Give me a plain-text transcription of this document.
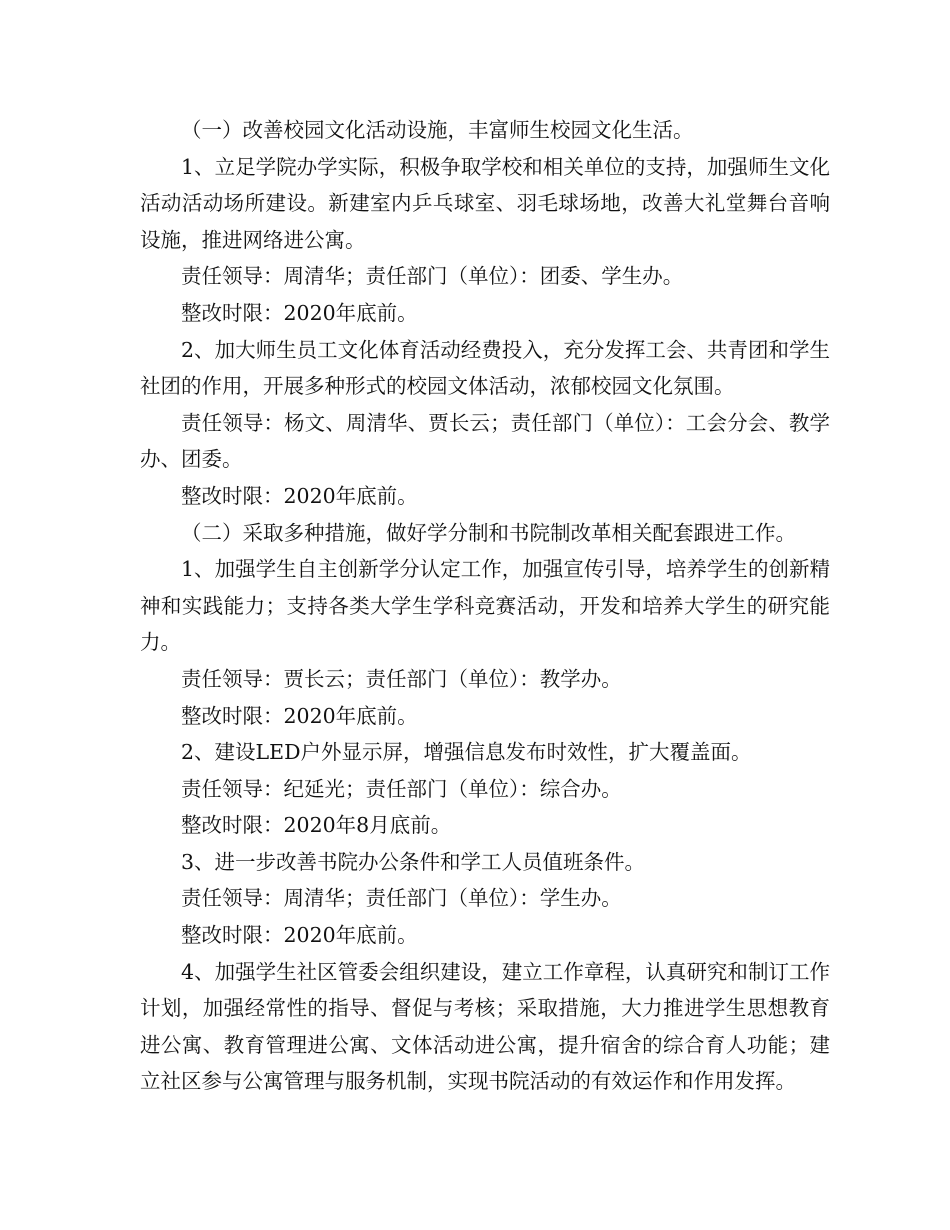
（一）改善校园文化活动设施，丰富师生校园文化生活。

1、立足学院办学实际，积极争取学校和相关单位的支持，加强师生文化活动活动场所建设。新建室内乒乓球室、羽毛球场地，改善大礼堂舞台音响设施，推进网络进公寓。

责任领导：周清华；责任部门（单位）：团委、学生办。

整改时限：2020年底前。

2、加大师生员工文化体育活动经费投入，充分发挥工会、共青团和学生社团的作用，开展多种形式的校园文体活动，浓郁校园文化氛围。

责任领导：杨文、周清华、贾长云；责任部门（单位）：工会分会、教学办、团委。

整改时限：2020年底前。

（二）采取多种措施，做好学分制和书院制改革相关配套跟进工作。

1、加强学生自主创新学分认定工作，加强宣传引导，培养学生的创新精神和实践能力；支持各类大学生学科竞赛活动，开发和培养大学生的研究能力。

责任领导：贾长云；责任部门（单位）：教学办。

整改时限：2020年底前。

2、建设LED户外显示屏，增强信息发布时效性，扩大覆盖面。

责任领导：纪延光；责任部门（单位）：综合办。

整改时限：2020年8月底前。

3、进一步改善书院办公条件和学工人员值班条件。

责任领导：周清华；责任部门（单位）：学生办。

整改时限：2020年底前。

4、加强学生社区管委会组织建设，建立工作章程，认真研究和制订工作计划，加强经常性的指导、督促与考核；采取措施，大力推进学生思想教育进公寓、教育管理进公寓、文体活动进公寓，提升宿舍的综合育人功能；建立社区参与公寓管理与服务机制，实现书院活动的有效运作和作用发挥。
